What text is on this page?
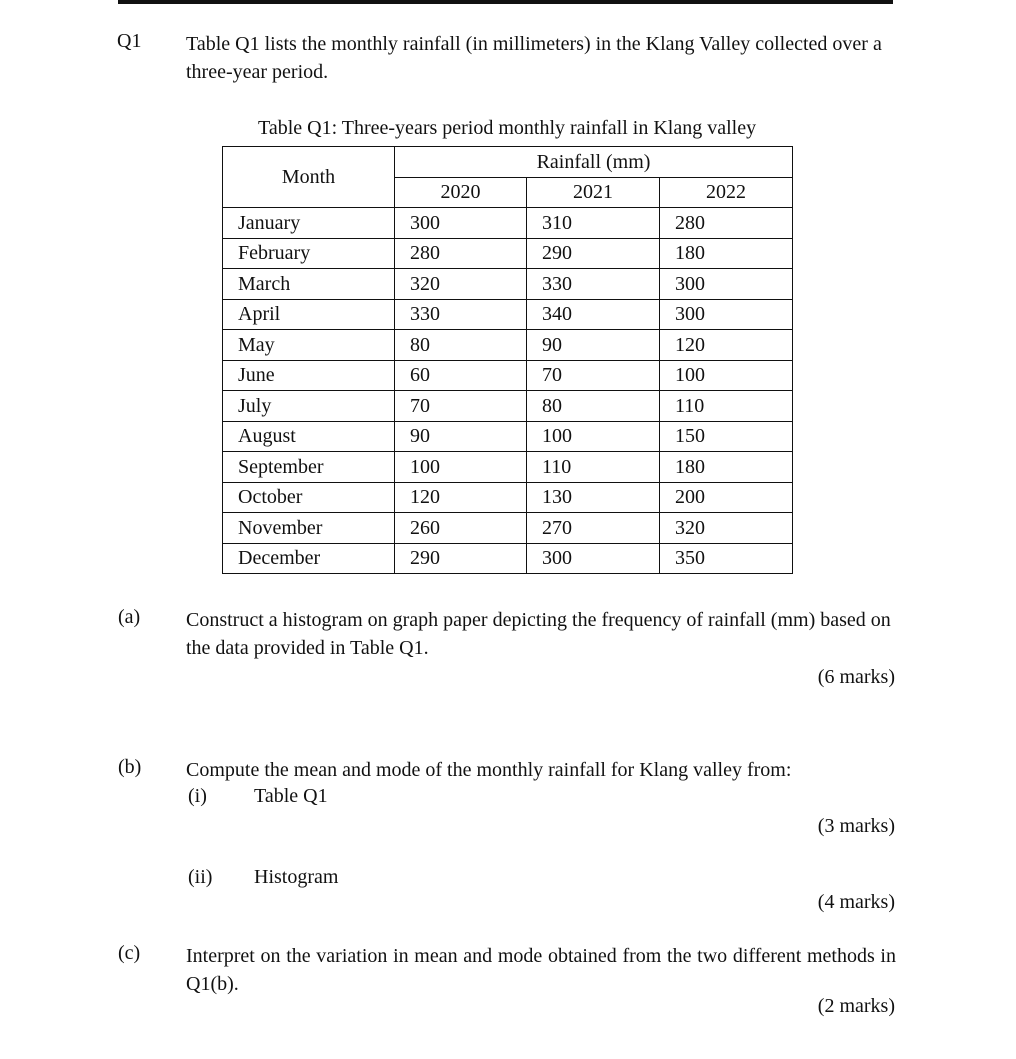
Q1 Table Q1 lists the monthly rainfall (in millimeters) in the Klang Valley collected over a three-year period.
Table Q1: Three-years period monthly rainfall in Klang valley
Month	Rainfall (mm)		
	2020	2021	2022
January	300	310	280
February	280	290	180
March	320	330	300
April	330	340	300
May	80	90	120
June	60	70	100
July	70	80	110
August	90	100	150
September	100	110	180
October	120	130	200
November	260	270	320
December	290	300	350
(a) Construct a histogram on graph paper depicting the frequency of rainfall (mm) based on the data provided in Table Q1.
(6 marks)
(b) Compute the mean and mode of the monthly rainfall for Klang valley from:
(i) Table Q1
(3 marks)
(ii) Histogram
(4 marks)
(c) Interpret on the variation in mean and mode obtained from the two different methods in Q1(b).
(2 marks)
